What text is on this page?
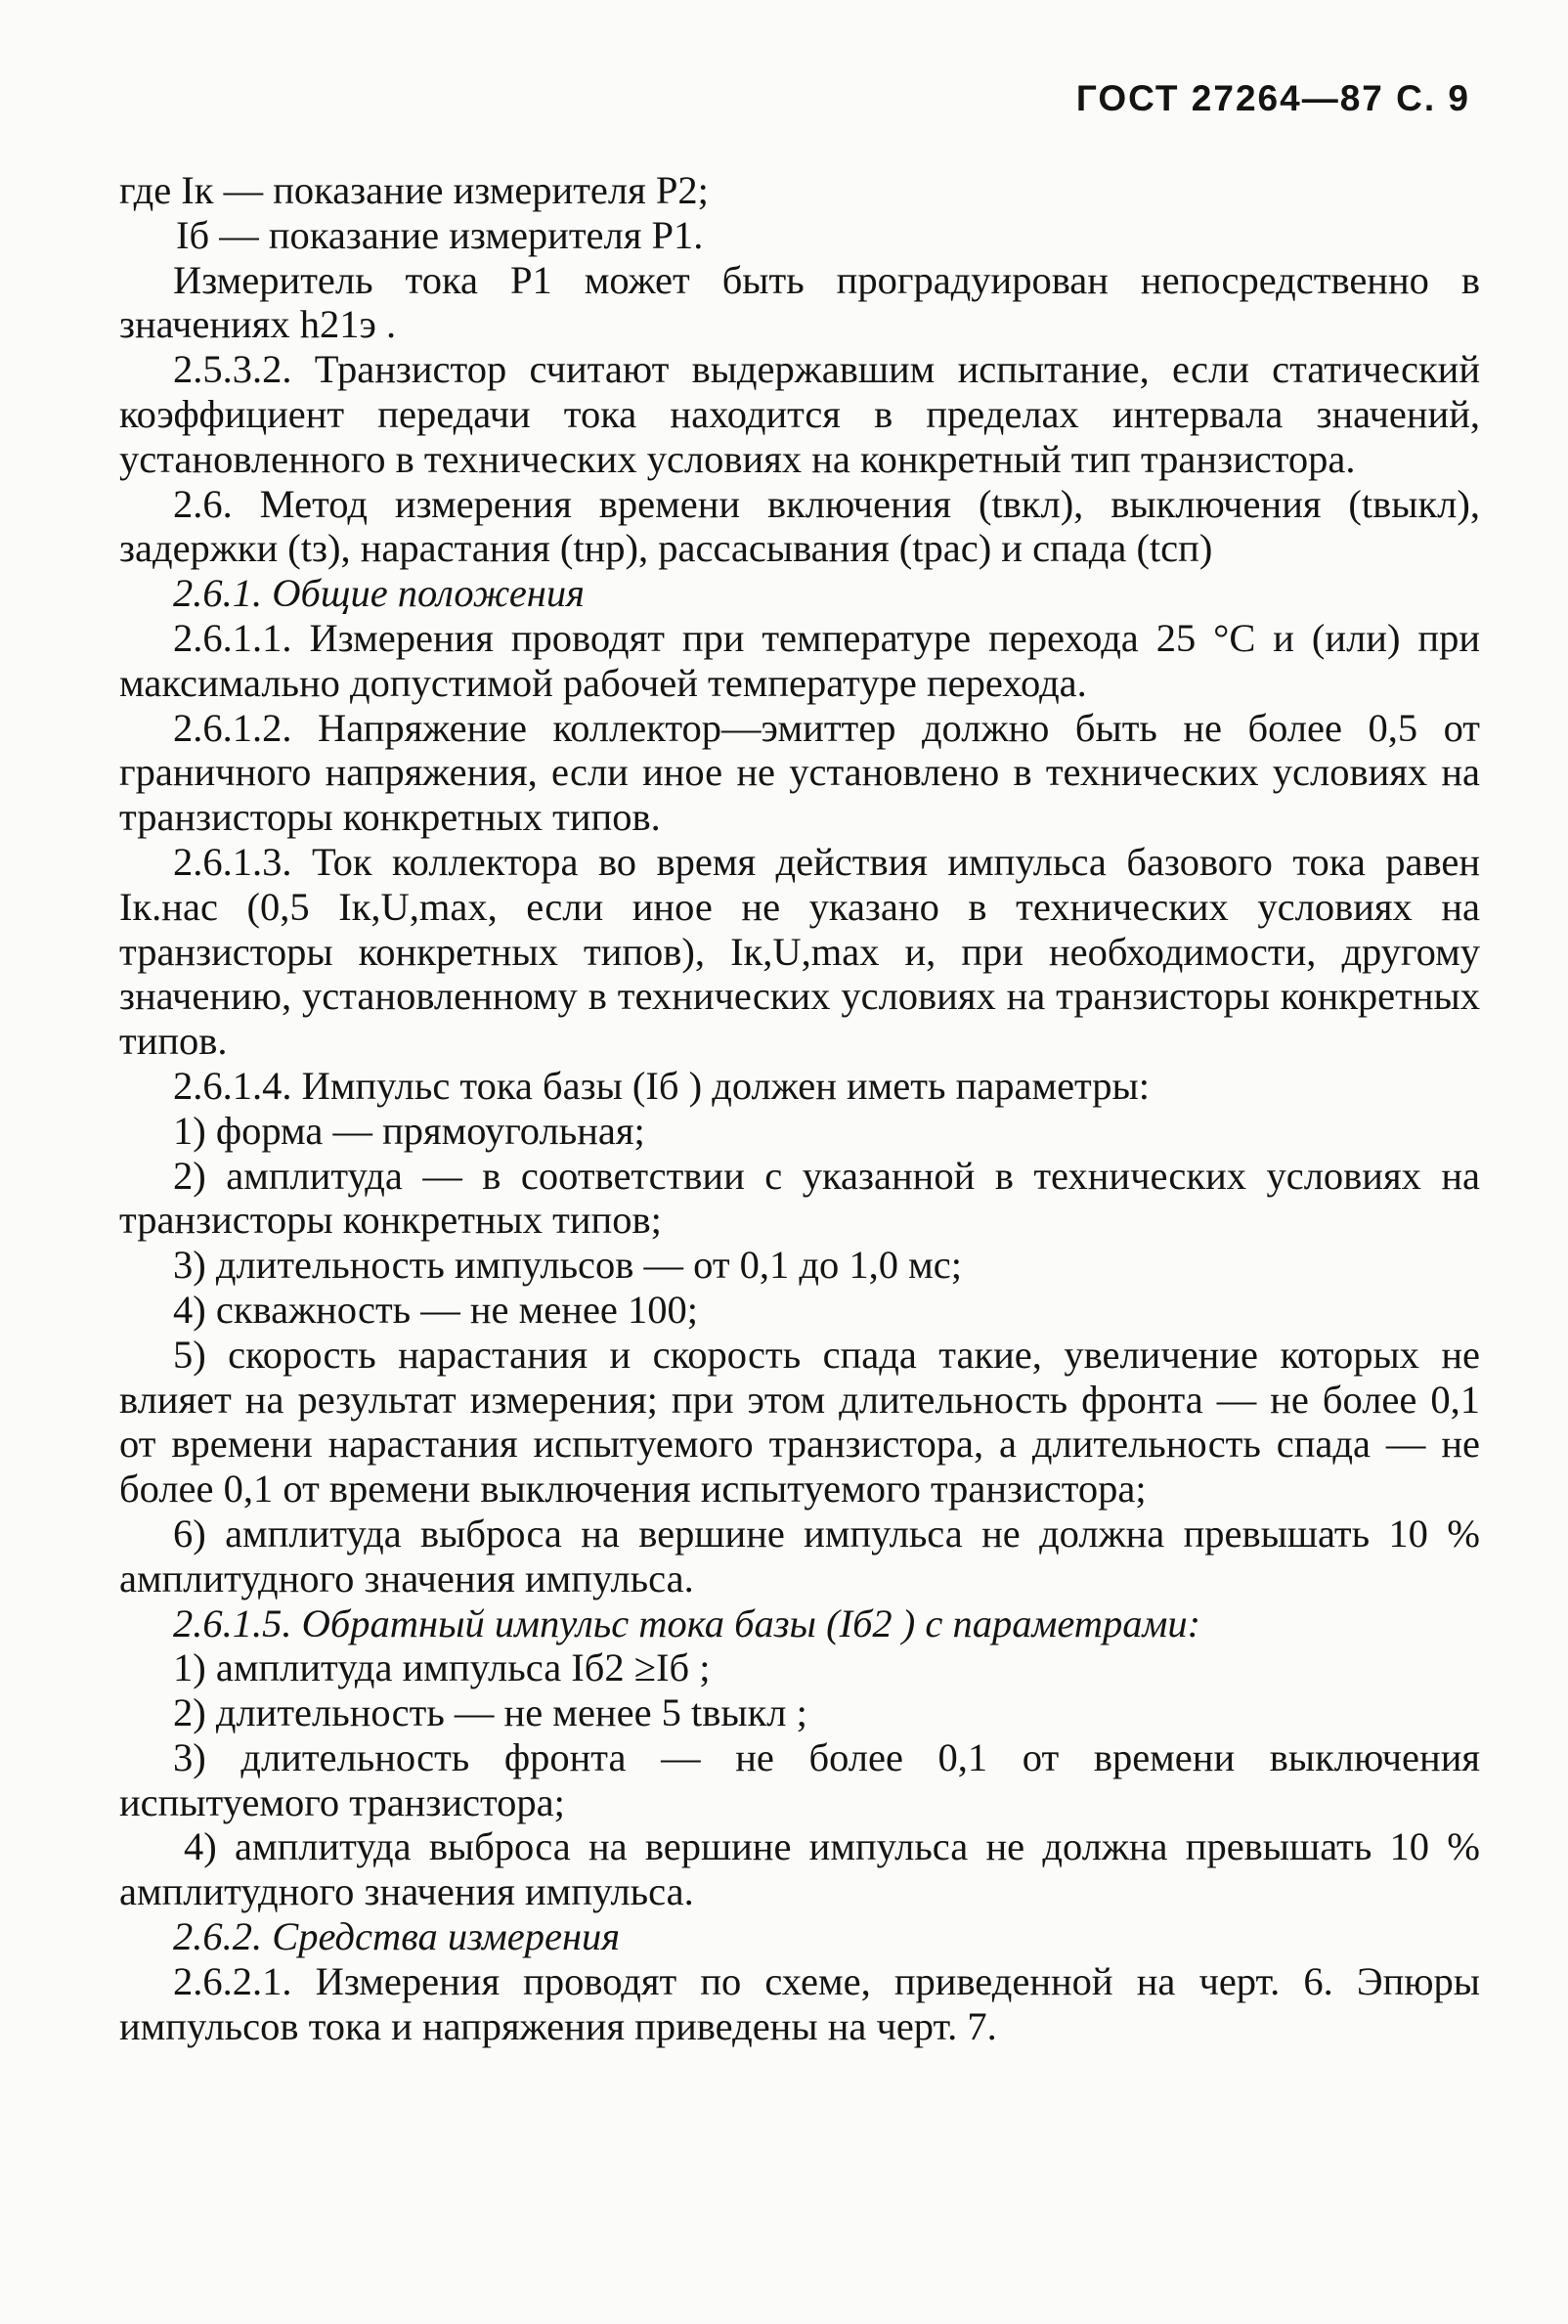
ГОСТ 27264—87 С. 9

где Iк — показание измерителя P2;

Iб — показание измерителя P1.

Измеритель тока P1 может быть проградуирован непосредственно в значениях h21э .

2.5.3.2. Транзистор считают выдержавшим испытание, если статический коэффициент передачи тока находится в пределах интервала значений, установленного в технических условиях на конкретный тип транзистора.

2.6. Метод измерения времени включения (tвкл), выключения (tвыкл), задержки (tз), нарастания (tнр), рассасывания (tрас) и спада (tсп)

2.6.1. Общие положения

2.6.1.1. Измерения проводят при температуре перехода 25 °С и (или) при максимально допустимой рабочей температуре перехода.

2.6.1.2. Напряжение коллектор—эмиттер должно быть не более 0,5 от граничного напряжения, если иное не установлено в технических условиях на транзисторы конкретных типов.

2.6.1.3. Ток коллектора во время действия импульса базового тока равен Iк.нас (0,5 Iк,U,max, если иное не указано в технических условиях на транзисторы конкретных типов), Iк,U,max и, при необходимости, другому значению, установленному в технических условиях на транзисторы конкретных типов.

2.6.1.4. Импульс тока базы (Iб ) должен иметь параметры:

1) форма — прямоугольная;

2) амплитуда — в соответствии с указанной в технических условиях на транзисторы конкретных типов;

3) длительность импульсов — от 0,1 до 1,0 мс;

4) скважность — не менее 100;

5) скорость нарастания и скорость спада такие, увеличение которых не влияет на результат измерения; при этом длительность фронта — не более 0,1 от времени нарастания испытуемого транзистора, а длительность спада — не более 0,1 от времени выключения испытуемого транзистора;

6) амплитуда выброса на вершине импульса не должна превышать 10 % амплитудного значения импульса.

2.6.1.5. Обратный импульс тока базы (Iб2 ) с параметрами:

1) амплитуда импульса Iб2 ≥Iб ;

2) длительность — не менее 5 tвыкл ;

3) длительность фронта — не более 0,1 от времени выключения испытуемого транзистора;

4) амплитуда выброса на вершине импульса не должна превышать 10 % амплитудного значения импульса.

2.6.2. Средства измерения

2.6.2.1. Измерения проводят по схеме, приведенной на черт. 6. Эпюры импульсов тока и напряжения приведены на черт. 7.
